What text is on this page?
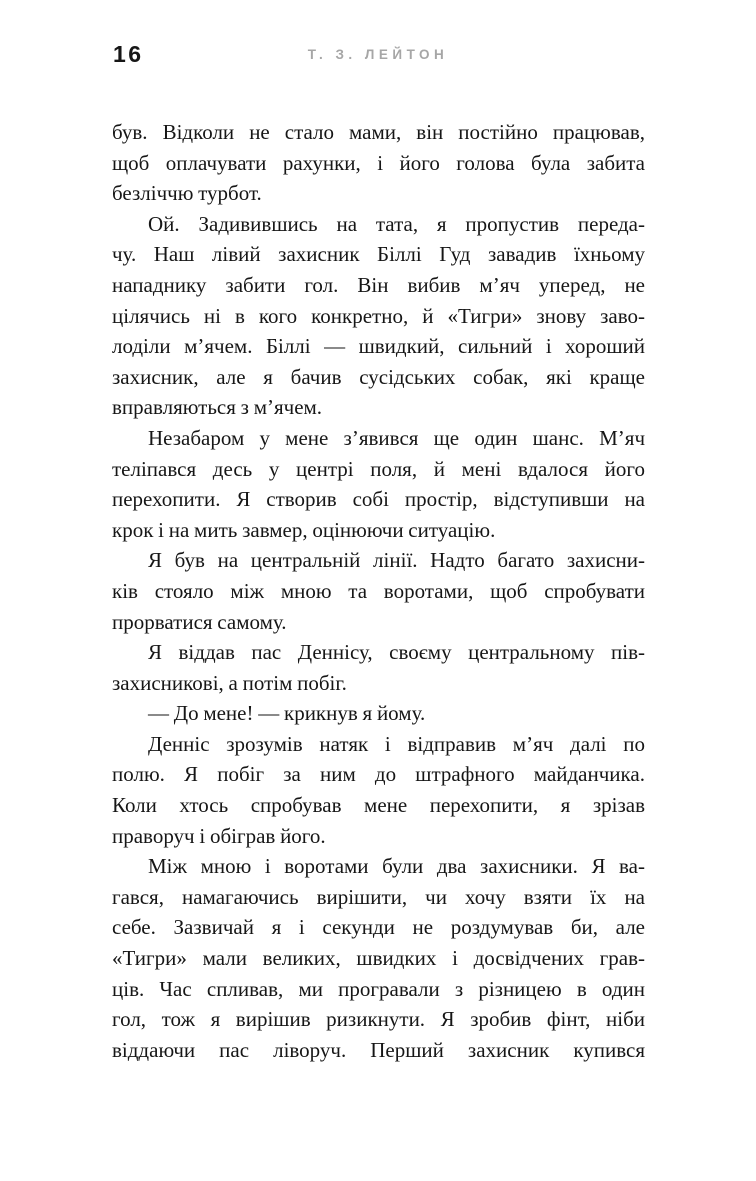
16	Т. З. ЛЕЙТОН
був. Відколи не стало мами, він постійно працював,
щоб оплачувати рахунки, і його голова була забита
безліччю турбот.
Ой. Задивившись на тата, я пропустив переда-
чу. Наш лівий захисник Біллі Гуд завадив їхньому
нападнику забити гол. Він вибив м’яч уперед, не
цілячись ні в кого конкретно, й «Тигри» знову заво-
лоділи м’ячем. Біллі — швидкий, сильний і хороший
захисник, але я бачив сусідських собак, які краще
вправляються з м’ячем.
Незабаром у мене з’явився ще один шанс. М’яч
теліпався десь у центрі поля, й мені вдалося його
перехопити. Я створив собі простір, відступивши на
крок і на мить завмер, оцінюючи ситуацію.
Я був на центральній лінії. Надто багато захисни-
ків стояло між мною та воротами, щоб спробувати
прорватися самому.
Я віддав пас Деннісу, своєму центральному пів-
захисникові, а потім побіг.
— До мене! — крикнув я йому.
Денніс зрозумів натяк і відправив м’яч далі по
полю. Я побіг за ним до штрафного майданчика.
Коли хтось спробував мене перехопити, я зрізав
праворуч і обіграв його.
Між мною і воротами були два захисники. Я ва-
гався, намагаючись вирішити, чи хочу взяти їх на
себе. Зазвичай я і секунди не роздумував би, але
«Тигри» мали великих, швидких і досвідчених грав-
ців. Час спливав, ми програвали з різницею в один
гол, тож я вирішив ризикнути. Я зробив фінт, ніби
віддаючи пас ліворуч. Перший захисник купився
